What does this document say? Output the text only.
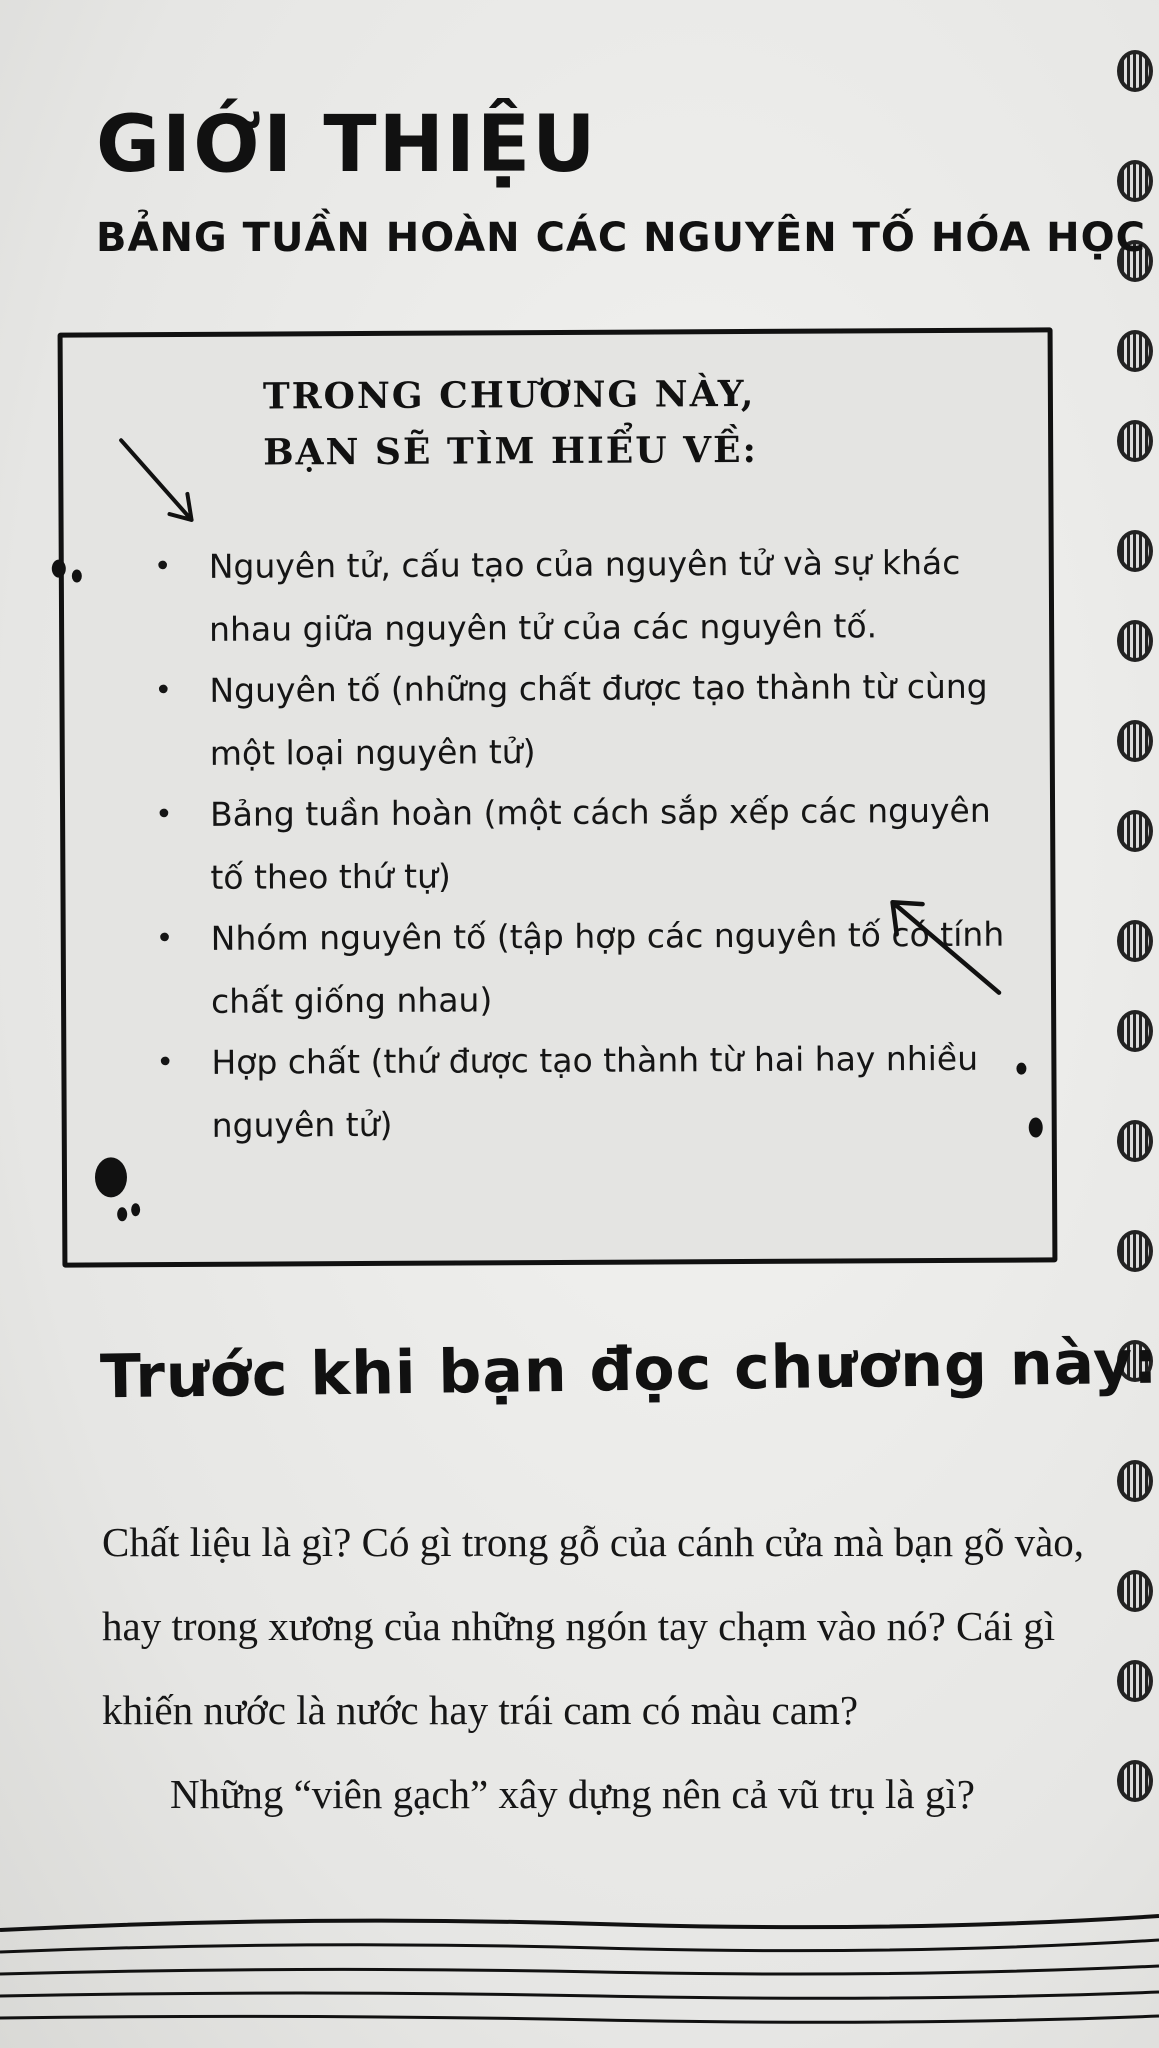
GIỚI THIỆU
BẢNG TUẦN HOÀN CÁC NGUYÊN TỐ HÓA HỌC
TRONG CHƯƠNG NÀY,
BẠN SẼ TÌM HIỂU VỀ:
• Nguyên tử, cấu tạo của nguyên tử và sự khác nhau giữa nguyên tử của các nguyên tố.
• Nguyên tố (những chất được tạo thành từ cùng một loại nguyên tử)
• Bảng tuần hoàn (một cách sắp xếp các nguyên tố theo thứ tự)
• Nhóm nguyên tố (tập hợp các nguyên tố có tính chất giống nhau)
• Hợp chất (thứ được tạo thành từ hai hay nhiều nguyên tử)
Trước khi bạn đọc chương này:

Chất liệu là gì? Có gì trong gỗ của cánh cửa mà bạn gõ vào, hay trong xương của những ngón tay chạm vào nó? Cái gì khiến nước là nước hay trái cam có màu cam?

Những “viên gạch” xây dựng nên cả vũ trụ là gì?
